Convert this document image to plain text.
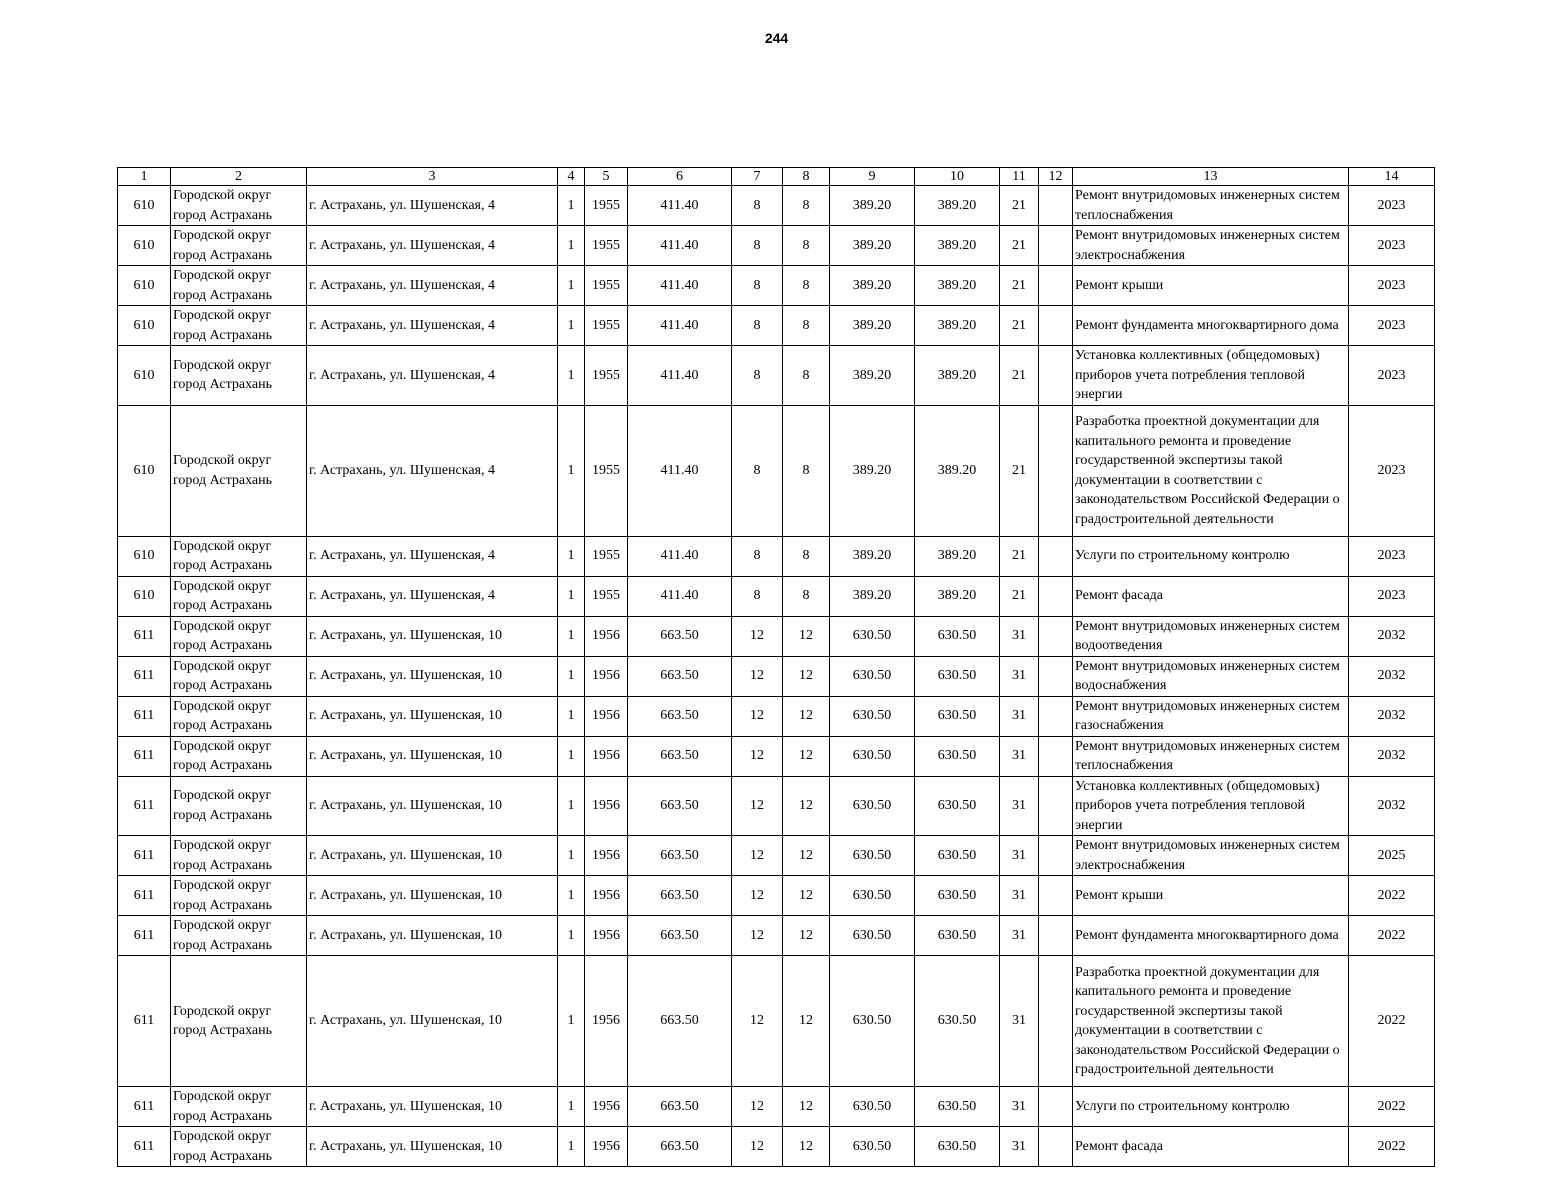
244
1	2	3	4	5	6	7	8	9	10	11	12	13	14
610	Городской округ город Астрахань	г. Астрахань, ул. Шушенская, 4	1	1955	411.40	8	8	389.20	389.20	21		Ремонт внутридомовых инженерных систем теплоснабжения	2023
610	Городской округ город Астрахань	г. Астрахань, ул. Шушенская, 4	1	1955	411.40	8	8	389.20	389.20	21		Ремонт внутридомовых инженерных систем электроснабжения	2023
610	Городской округ город Астрахань	г. Астрахань, ул. Шушенская, 4	1	1955	411.40	8	8	389.20	389.20	21		Ремонт крыши	2023
610	Городской округ город Астрахань	г. Астрахань, ул. Шушенская, 4	1	1955	411.40	8	8	389.20	389.20	21		Ремонт фундамента многоквартирного дома	2023
610	Городской округ город Астрахань	г. Астрахань, ул. Шушенская, 4	1	1955	411.40	8	8	389.20	389.20	21		Установка коллективных (общедомовых) приборов учета потребления тепловой энергии	2023
610	Городской округ город Астрахань	г. Астрахань, ул. Шушенская, 4	1	1955	411.40	8	8	389.20	389.20	21		Разработка проектной документации для капитального ремонта и проведение государственной экспертизы такой документации в соответствии с законодательством Российской Федерации о градостроительной деятельности	2023
610	Городской округ город Астрахань	г. Астрахань, ул. Шушенская, 4	1	1955	411.40	8	8	389.20	389.20	21		Услуги по строительному контролю	2023
610	Городской округ город Астрахань	г. Астрахань, ул. Шушенская, 4	1	1955	411.40	8	8	389.20	389.20	21		Ремонт фасада	2023
611	Городской округ город Астрахань	г. Астрахань, ул. Шушенская, 10	1	1956	663.50	12	12	630.50	630.50	31		Ремонт внутридомовых инженерных систем водоотведения	2032
611	Городской округ город Астрахань	г. Астрахань, ул. Шушенская, 10	1	1956	663.50	12	12	630.50	630.50	31		Ремонт внутридомовых инженерных систем водоснабжения	2032
611	Городской округ город Астрахань	г. Астрахань, ул. Шушенская, 10	1	1956	663.50	12	12	630.50	630.50	31		Ремонт внутридомовых инженерных систем газоснабжения	2032
611	Городской округ город Астрахань	г. Астрахань, ул. Шушенская, 10	1	1956	663.50	12	12	630.50	630.50	31		Ремонт внутридомовых инженерных систем теплоснабжения	2032
611	Городской округ город Астрахань	г. Астрахань, ул. Шушенская, 10	1	1956	663.50	12	12	630.50	630.50	31		Установка коллективных (общедомовых) приборов учета потребления тепловой энергии	2032
611	Городской округ город Астрахань	г. Астрахань, ул. Шушенская, 10	1	1956	663.50	12	12	630.50	630.50	31		Ремонт внутридомовых инженерных систем электроснабжения	2025
611	Городской округ город Астрахань	г. Астрахань, ул. Шушенская, 10	1	1956	663.50	12	12	630.50	630.50	31		Ремонт крыши	2022
611	Городской округ город Астрахань	г. Астрахань, ул. Шушенская, 10	1	1956	663.50	12	12	630.50	630.50	31		Ремонт фундамента многоквартирного дома	2022
611	Городской округ город Астрахань	г. Астрахань, ул. Шушенская, 10	1	1956	663.50	12	12	630.50	630.50	31		Разработка проектной документации для капитального ремонта и проведение государственной экспертизы такой документации в соответствии с законодательством Российской Федерации о градостроительной деятельности	2022
611	Городской округ город Астрахань	г. Астрахань, ул. Шушенская, 10	1	1956	663.50	12	12	630.50	630.50	31		Услуги по строительному контролю	2022
611	Городской округ город Астрахань	г. Астрахань, ул. Шушенская, 10	1	1956	663.50	12	12	630.50	630.50	31		Ремонт фасада	2022
